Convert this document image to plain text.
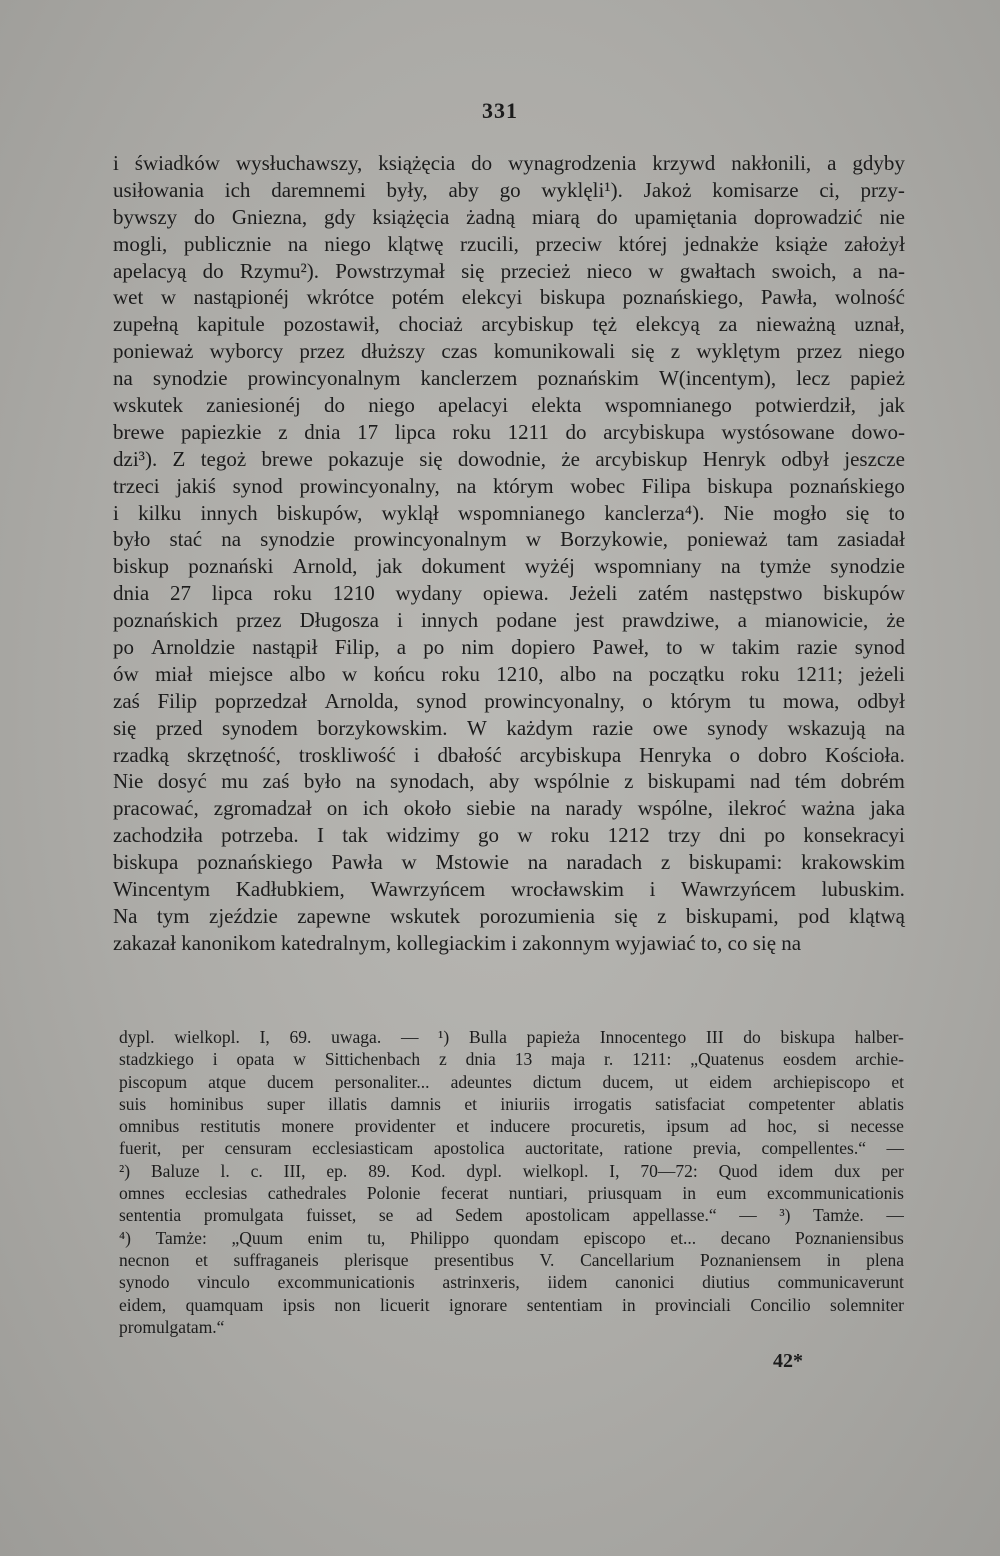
331
i świadków wysłuchawszy, książęcia do wynagrodzenia krzywd nakłonili, a gdyby
usiłowania ich daremnemi były, aby go wyklęli¹). Jakoż komisarze ci, przy-
bywszy do Gniezna, gdy książęcia żadną miarą do upamiętania doprowadzić nie
mogli, publicznie na niego klątwę rzucili, przeciw której jednakże książe założył
apelacyą do Rzymu²). Powstrzymał się przecież nieco w gwałtach swoich, a na-
wet w nastąpionéj wkrótce potém elekcyi biskupa poznańskiego, Pawła, wolność
zupełną kapitule pozostawił, chociaż arcybiskup tęż elekcyą za nieważną uznał,
ponieważ wyborcy przez dłuższy czas komunikowali się z wyklętym przez niego
na synodzie prowincyonalnym kanclerzem poznańskim W(incentym), lecz papież
wskutek zaniesionéj do niego apelacyi elekta wspomnianego potwierdził, jak
brewe papiezkie z dnia 17 lipca roku 1211 do arcybiskupa wystósowane dowo-
dzi³). Z tegoż brewe pokazuje się dowodnie, że arcybiskup Henryk odbył jeszcze
trzeci jakiś synod prowincyonalny, na którym wobec Filipa biskupa poznańskiego
i kilku innych biskupów, wyklął wspomnianego kanclerza⁴). Nie mogło się to
było stać na synodzie prowincyonalnym w Borzykowie, ponieważ tam zasiadał
biskup poznański Arnold, jak dokument wyżéj wspomniany na tymże synodzie
dnia 27 lipca roku 1210 wydany opiewa. Jeżeli zatém następstwo biskupów
poznańskich przez Długosza i innych podane jest prawdziwe, a mianowicie, że
po Arnoldzie nastąpił Filip, a po nim dopiero Paweł, to w takim razie synod
ów miał miejsce albo w końcu roku 1210, albo na początku roku 1211; jeżeli
zaś Filip poprzedzał Arnolda, synod prowincyonalny, o którym tu mowa, odbył
się przed synodem borzykowskim. W każdym razie owe synody wskazują na
rzadką skrzętność, troskliwość i dbałość arcybiskupa Henryka o dobro Kościoła.
Nie dosyć mu zaś było na synodach, aby wspólnie z biskupami nad tém dobrém
pracować, zgromadzał on ich około siebie na narady wspólne, ilekroć ważna jaka
zachodziła potrzeba. I tak widzimy go w roku 1212 trzy dni po konsekracyi
biskupa poznańskiego Pawła w Mstowie na naradach z biskupami: krakowskim
Wincentym Kadłubkiem, Wawrzyńcem wrocławskim i Wawrzyńcem lubuskim.
Na tym zjeździe zapewne wskutek porozumienia się z biskupami, pod klątwą
zakazał kanonikom katedralnym, kollegiackim i zakonnym wyjawiać to, co się na
dypl. wielkopl. I, 69. uwaga. — ¹) Bulla papieża Innocentego III do biskupa halber-
stadzkiego i opata w Sittichenbach z dnia 13 maja r. 1211: „Quatenus eosdem archie-
piscopum atque ducem personaliter... adeuntes dictum ducem, ut eidem archiepiscopo et
suis hominibus super illatis damnis et iniuriis irrogatis satisfaciat competenter ablatis
omnibus restitutis monere providenter et inducere procuretis, ipsum ad hoc, si necesse
fuerit, per censuram ecclesiasticam apostolica auctoritate, ratione previa, compellentes.“ —
²) Baluze l. c. III, ep. 89. Kod. dypl. wielkopl. I, 70—72: Quod idem dux per
omnes ecclesias cathedrales Polonie fecerat nuntiari, priusquam in eum excommunicationis
sententia promulgata fuisset, se ad Sedem apostolicam appellasse.“ — ³) Tamże. —
⁴) Tamże: „Quum enim tu, Philippo quondam episcopo et... decano Poznaniensibus
necnon et suffraganeis plerisque presentibus V. Cancellarium Poznaniensem in plena
synodo vinculo excommunicationis astrinxeris, iidem canonici diutius communicaverunt
eidem, quamquam ipsis non licuerit ignorare sententiam in provinciali Concilio solemniter
promulgatam.“
42*
